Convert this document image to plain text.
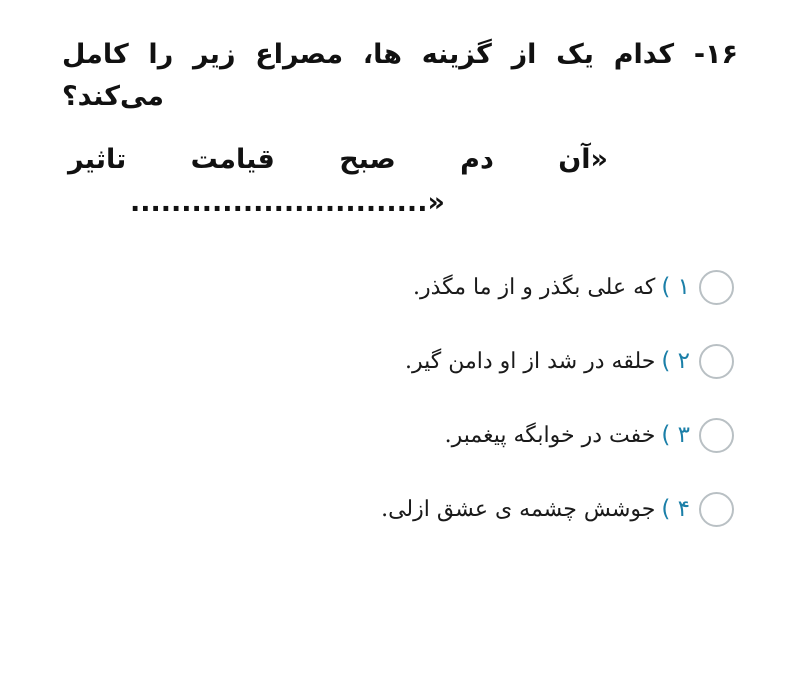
۱۶- کدام یک از گزینه ها، مصراع زیر را کامل
می‌کند؟
«آن دم صبح قیامت تاثیر
«.............................
۱ )
که علی بگذر و از ما مگذر.
۲ )
حلقه در شد از او دامن گیر.
۳ )
خفت در خوابگه پیغمبر.
۴ )
جوشش چشمه ی عشق ازلی.
